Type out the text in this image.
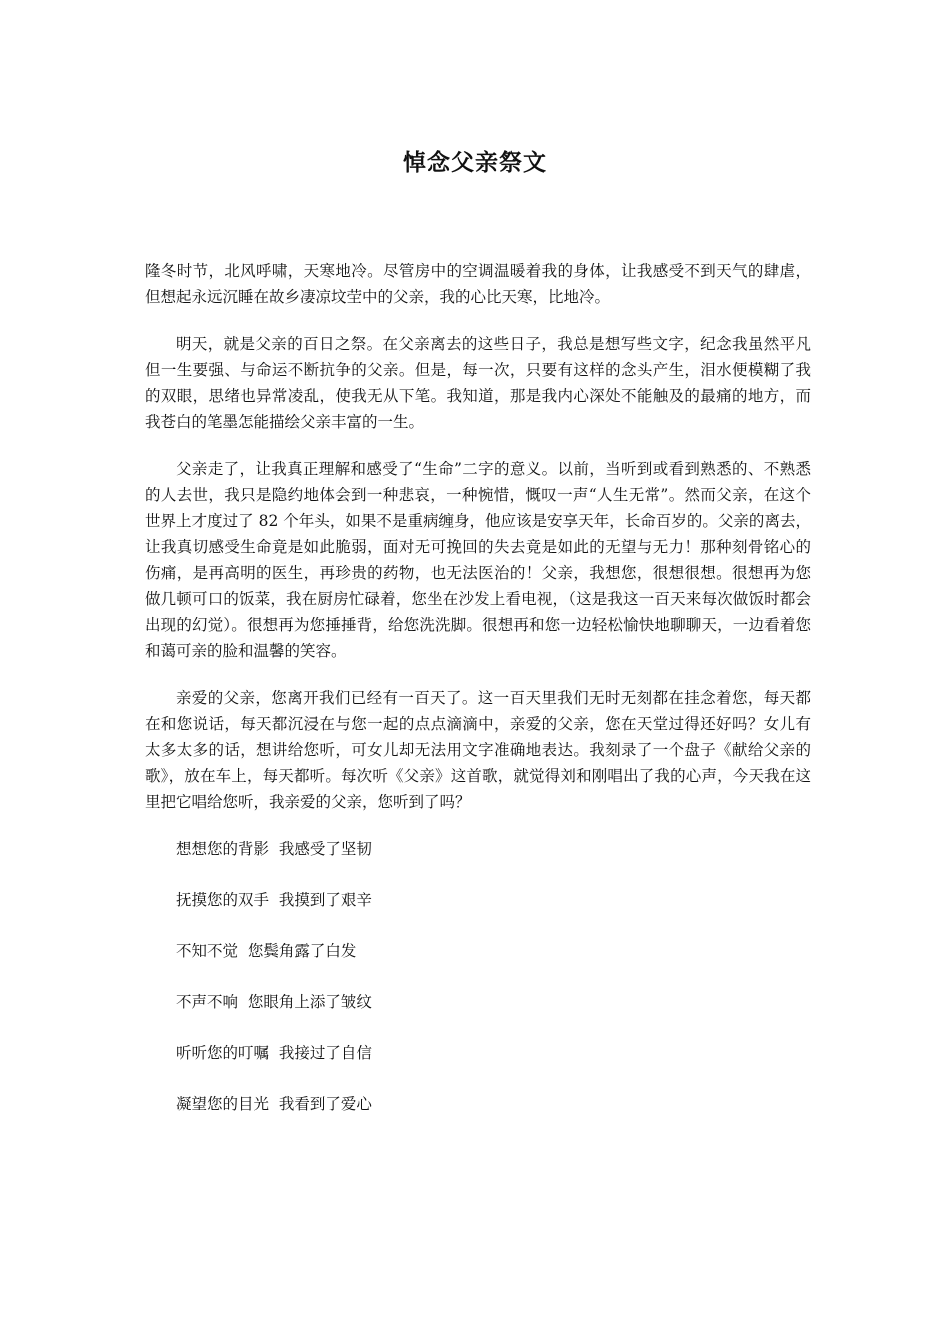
悼念父亲祭文

隆冬时节，北风呼啸，天寒地冷。尽管房中的空调温暖着我的身体，让我感受不到天气的肆虐，但想起永远沉睡在故乡凄凉坟茔中的父亲，我的心比天寒，比地冷。

明天，就是父亲的百日之祭。在父亲离去的这些日子，我总是想写些文字，纪念我虽然平凡但一生要强、与命运不断抗争的父亲。但是，每一次，只要有这样的念头产生，泪水便模糊了我的双眼，思绪也异常凌乱，使我无从下笔。我知道，那是我内心深处不能触及的最痛的地方，而我苍白的笔墨怎能描绘父亲丰富的一生。

父亲走了，让我真正理解和感受了“生命”二字的意义。以前，当听到或看到熟悉的、不熟悉的人去世，我只是隐约地体会到一种悲哀，一种惋惜，慨叹一声“人生无常”。然而父亲，在这个世界上才度过了 82 个年头，如果不是重病缠身，他应该是安享天年，长命百岁的。父亲的离去，让我真切感受生命竟是如此脆弱，面对无可挽回的失去竟是如此的无望与无力！那种刻骨铭心的伤痛，是再高明的医生，再珍贵的药物，也无法医治的！父亲，我想您，很想很想。很想再为您做几顿可口的饭菜，我在厨房忙碌着，您坐在沙发上看电视，（这是我这一百天来每次做饭时都会出现的幻觉）。很想再为您捶捶背，给您洗洗脚。很想再和您一边轻松愉快地聊聊天，一边看着您和蔼可亲的脸和温馨的笑容。

亲爱的父亲，您离开我们已经有一百天了。这一百天里我们无时无刻都在挂念着您，每天都在和您说话，每天都沉浸在与您一起的点点滴滴中，亲爱的父亲，您在天堂过得还好吗？女儿有太多太多的话，想讲给您听，可女儿却无法用文字准确地表达。我刻录了一个盘子《献给父亲的歌》，放在车上，每天都听。每次听《父亲》这首歌，就觉得刘和刚唱出了我的心声，今天我在这里把它唱给您听，我亲爱的父亲，您听到了吗？

想想您的背影  我感受了坚韧

抚摸您的双手  我摸到了艰辛

不知不觉  您鬓角露了白发

不声不响  您眼角上添了皱纹

听听您的叮嘱  我接过了自信

凝望您的目光  我看到了爱心
